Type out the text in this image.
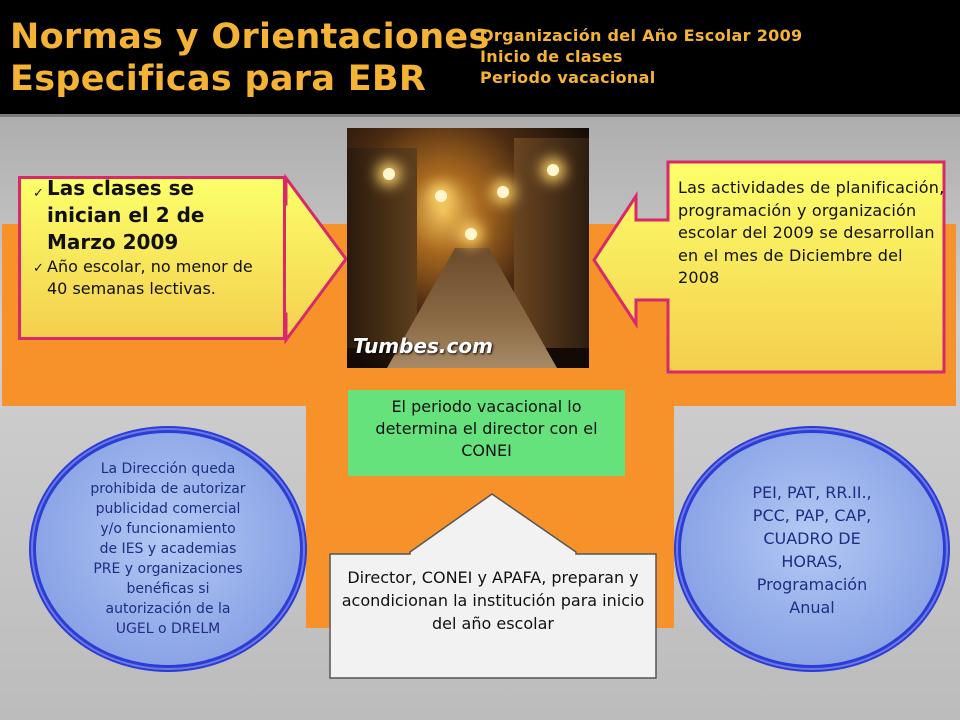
Normas y Orientaciones
Especificas para EBR
Organización del Año Escolar 2009
Inicio de clases
Periodo vacacional
✓ Las clases se inician el 2 de Marzo 2009
✓ Año escolar, no menor de 40 semanas lectivas.
Las actividades de planificación, programación y organización escolar del 2009 se desarrollan en el mes de Diciembre del 2008
Tumbes.com
El periodo vacacional lo determina el director con el CONEI
Director, CONEI y APAFA, preparan y acondicionan la institución para inicio del año escolar
La Dirección queda
prohibida de autorizar
publicidad comercial
y/o funcionamiento
de IES y academias
PRE y organizaciones
benéficas si
autorización de la
UGEL o DRELM
PEI, PAT, RR.II.,
PCC, PAP, CAP,
CUADRO DE
HORAS,
Programación
Anual
